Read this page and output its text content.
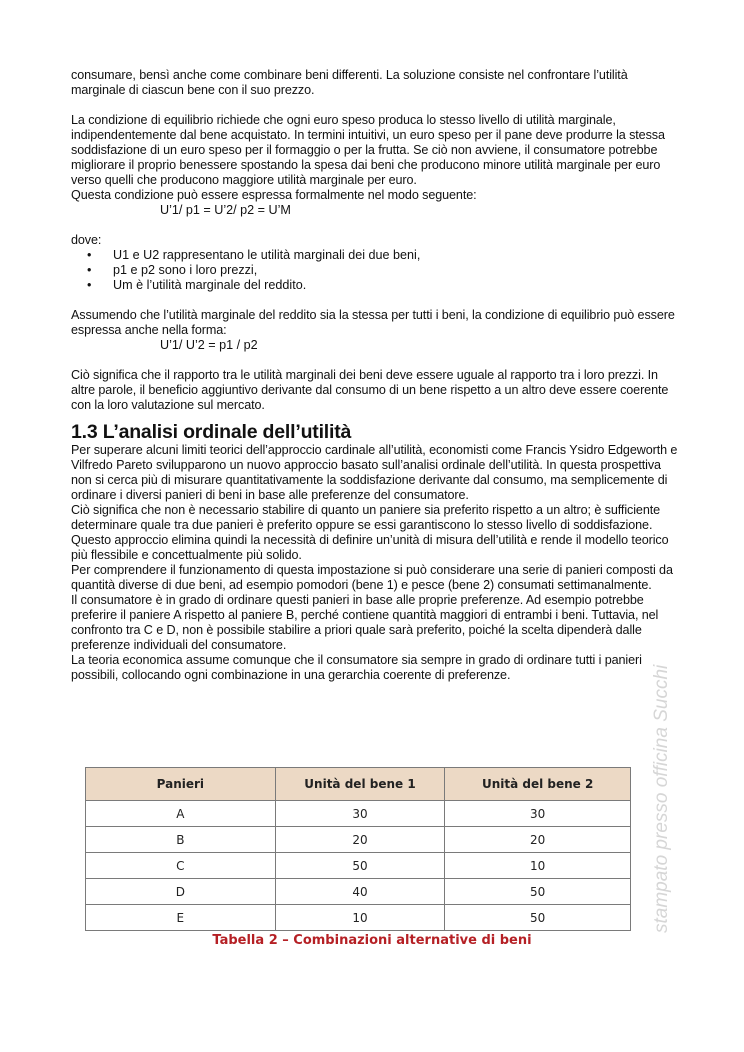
consumare, bensì anche come combinare beni differenti. La soluzione consiste nel confrontare l’utilità marginale di ciascun bene con il suo prezzo.

La condizione di equilibrio richiede che ogni euro speso produca lo stesso livello di utilità marginale, indipendentemente dal bene acquistato. In termini intuitivi, un euro speso per il pane deve produrre la stessa soddisfazione di un euro speso per il formaggio o per la frutta. Se ciò non avviene, il consumatore potrebbe migliorare il proprio benessere spostando la spesa dai beni che producono minore utilità marginale per euro verso quelli che producono maggiore utilità marginale per euro.

Questa condizione può essere espressa formalmente nel modo seguente:

U’1/ p1 = U’2/ p2 = U’M

dove:

• U1 e U2 rappresentano le utilità marginali dei due beni,
• p1 e p2 sono i loro prezzi,
• Um è l’utilità marginale del reddito.

Assumendo che l’utilità marginale del reddito sia la stessa per tutti i beni, la condizione di equilibrio può essere espressa anche nella forma:

U’1/ U’2 = p1 / p2

Ciò significa che il rapporto tra le utilità marginali dei beni deve essere uguale al rapporto tra i loro prezzi. In altre parole, il beneficio aggiuntivo derivante dal consumo di un bene rispetto a un altro deve essere coerente con la loro valutazione sul mercato.

1.3 L’analisi ordinale dell’utilità

Per superare alcuni limiti teorici dell’approccio cardinale all’utilità, economisti come Francis Ysidro Edgeworth e Vilfredo Pareto svilupparono un nuovo approccio basato sull’analisi ordinale dell’utilità. In questa prospettiva non si cerca più di misurare quantitativamente la soddisfazione derivante dal consumo, ma semplicemente di ordinare i diversi panieri di beni in base alle preferenze del consumatore.

Ciò significa che non è necessario stabilire di quanto un paniere sia preferito rispetto a un altro; è sufficiente determinare quale tra due panieri è preferito oppure se essi garantiscono lo stesso livello di soddisfazione. Questo approccio elimina quindi la necessità di definire un’unità di misura dell’utilità e rende il modello teorico più flessibile e concettualmente più solido.

Per comprendere il funzionamento di questa impostazione si può considerare una serie di panieri composti da quantità diverse di due beni, ad esempio pomodori (bene 1) e pesce (bene 2) consumati settimanalmente.

Il consumatore è in grado di ordinare questi panieri in base alle proprie preferenze. Ad esempio potrebbe preferire il paniere A rispetto al paniere B, perché contiene quantità maggiori di entrambi i beni. Tuttavia, nel confronto tra C e D, non è possibile stabilire a priori quale sarà preferito, poiché la scelta dipenderà dalle preferenze individuali del consumatore.

La teoria economica assume comunque che il consumatore sia sempre in grado di ordinare tutti i panieri possibili, collocando ogni combinazione in una gerarchia coerente di preferenze.

Panieri	Unità del bene 1	Unità del bene 2
A	30	30
B	20	20
C	50	10
D	40	50
E	10	50
Tabella 2 – Combinazioni alternative di beni
stampato presso officina Succhi
